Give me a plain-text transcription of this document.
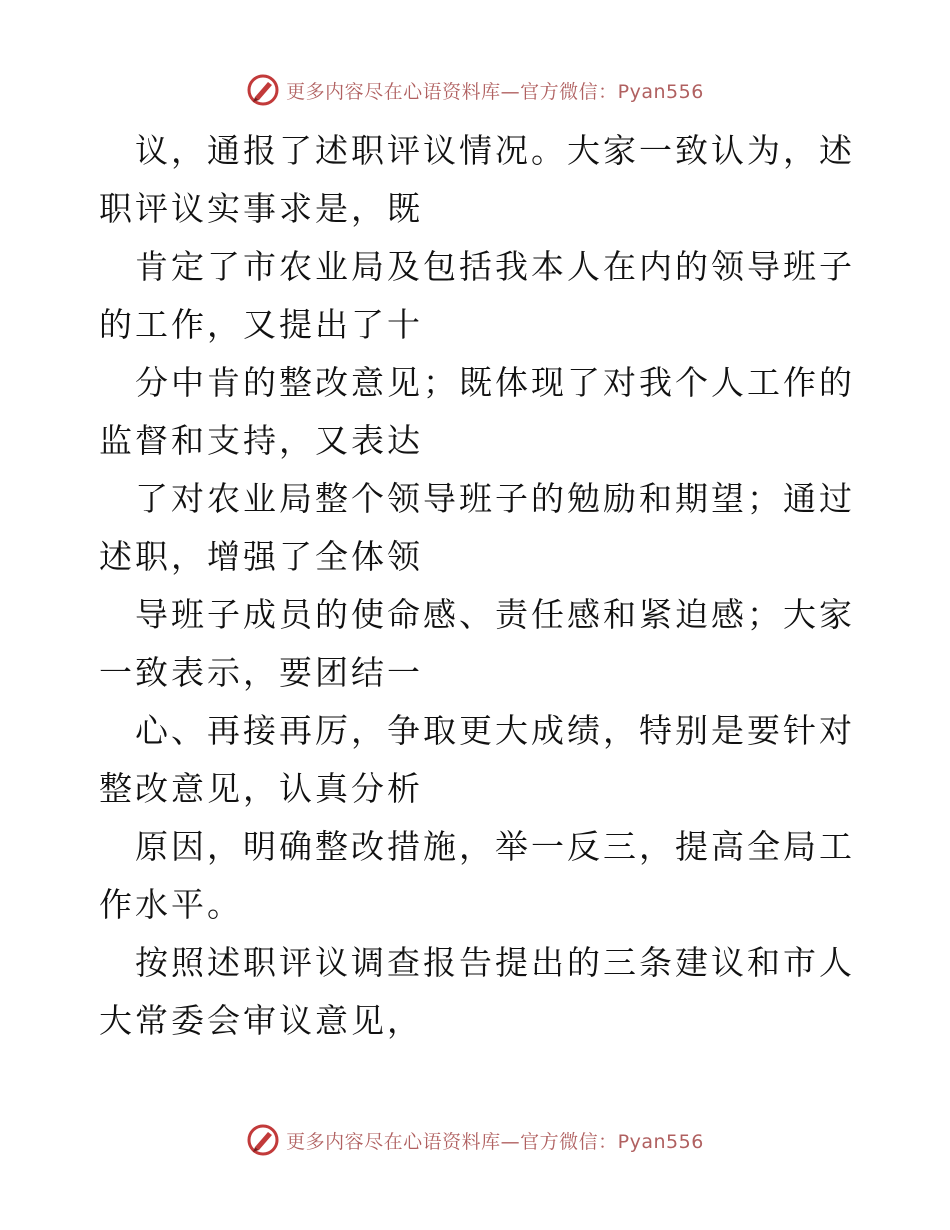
更多内容尽在心语资料库—官方微信：Pyan556

议，通报了述职评议情况。大家一致认为，述职评议实事求是，既

肯定了市农业局及包括我本人在内的领导班子的工作，又提出了十

分中肯的整改意见；既体现了对我个人工作的监督和支持，又表达

了对农业局整个领导班子的勉励和期望；通过述职，增强了全体领

导班子成员的使命感、责任感和紧迫感；大家一致表示，要团结一

心、再接再厉，争取更大成绩，特别是要针对整改意见，认真分析

原因，明确整改措施，举一反三，提高全局工作水平。

按照述职评议调查报告提出的三条建议和市人大常委会审议意见，

更多内容尽在心语资料库—官方微信：Pyan556
